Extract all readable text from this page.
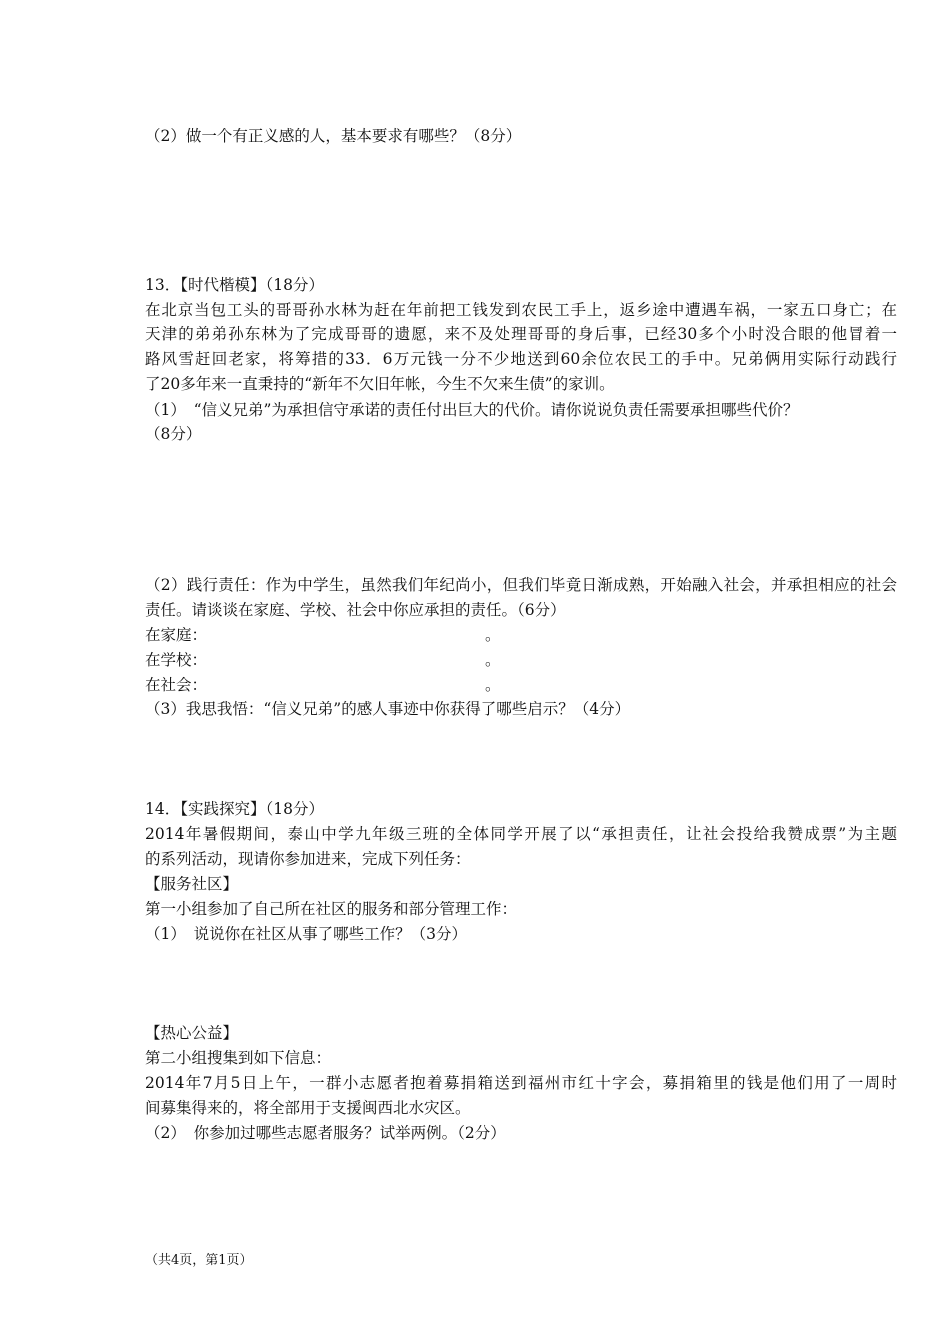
（2）做一个有正义感的人，基本要求有哪些？（8分）
13．【时代楷模】（18分）
在北京当包工头的哥哥孙水林为赶在年前把工钱发到农民工手上，返乡途中遭遇车祸，一家五口身亡；在
天津的弟弟孙东林为了完成哥哥的遗愿，来不及处理哥哥的身后事，已经30多个小时没合眼的他冒着一
路风雪赶回老家，将筹措的33．6万元钱一分不少地送到60余位农民工的手中。兄弟俩用实际行动践行
了20多年来一直秉持的“新年不欠旧年帐，今生不欠来生债”的家训。
（1）　“信义兄弟”为承担信守承诺的责任付出巨大的代价。请你说说负责任需要承担哪些代价？
（8分）
（2）践行责任：作为中学生，虽然我们年纪尚小，但我们毕竟日渐成熟，开始融入社会，并承担相应的社会
责任。请谈谈在家庭、学校、社会中你应承担的责任。（6分）
在家庭：	。
在学校：	。
在社会：	。
（3）我思我悟：“信义兄弟”的感人事迹中你获得了哪些启示？（4分）
14．【实践探究】（18分）
2014年暑假期间，泰山中学九年级三班的全体同学开展了以“承担责任，让社会投给我赞成票”为主题
的系列活动，现请你参加进来，完成下列任务：
【服务社区】
第一小组参加了自己所在社区的服务和部分管理工作：
（1）　说说你在社区从事了哪些工作？（3分）
【热心公益】
第二小组搜集到如下信息：
2014年7月5日上午，一群小志愿者抱着募捐箱送到福州市红十字会，募捐箱里的钱是他们用了一周时
间募集得来的，将全部用于支援闽西北水灾区。
（2）　你参加过哪些志愿者服务？试举两例。（2分）
（共4页，第1页）
